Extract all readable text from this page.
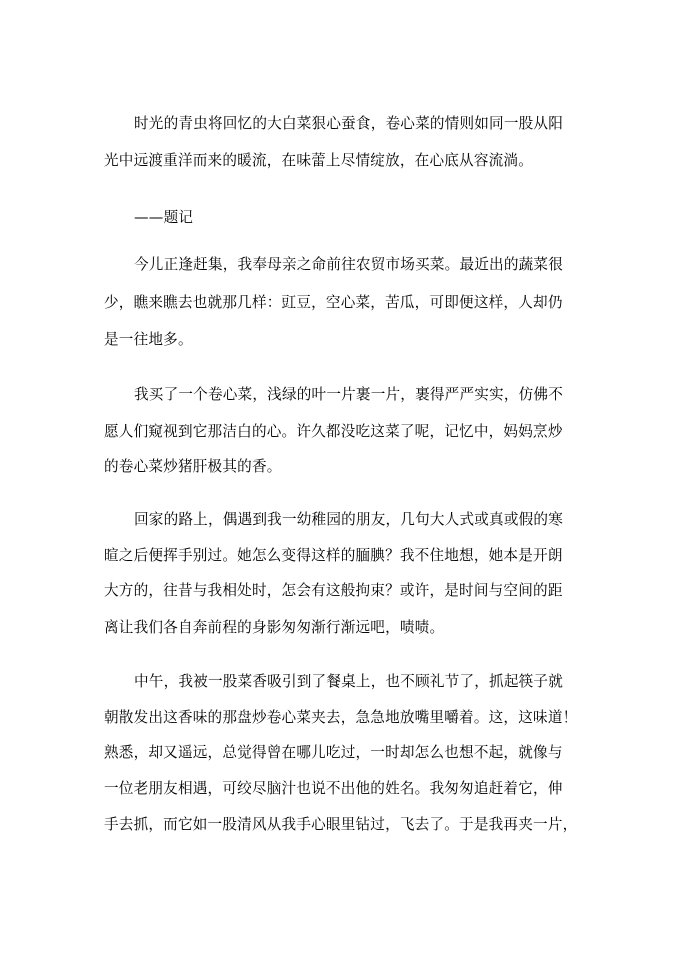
时光的青虫将回忆的大白菜狠心蚕食，卷心菜的情则如同一股从阳
光中远渡重洋而来的暖流，在味蕾上尽情绽放，在心底从容流淌。
——题记
今儿正逢赶集，我奉母亲之命前往农贸市场买菜。最近出的蔬菜很
少，瞧来瞧去也就那几样：豇豆，空心菜，苦瓜，可即便这样，人却仍
是一往地多。
我买了一个卷心菜，浅绿的叶一片裹一片，裹得严严实实，仿佛不
愿人们窥视到它那洁白的心。许久都没吃这菜了呢，记忆中，妈妈烹炒
的卷心菜炒猪肝极其的香。
回家的路上，偶遇到我一幼稚园的朋友，几句大人式或真或假的寒
暄之后便挥手别过。她怎么变得这样的腼腆？我不住地想，她本是开朗
大方的，往昔与我相处时，怎会有这般拘束？或许，是时间与空间的距
离让我们各自奔前程的身影匆匆渐行渐远吧，啧啧。
中午，我被一股菜香吸引到了餐桌上，也不顾礼节了，抓起筷子就
朝散发出这香味的那盘炒卷心菜夹去，急急地放嘴里嚼着。这，这味道！
熟悉，却又遥远，总觉得曾在哪儿吃过，一时却怎么也想不起，就像与
一位老朋友相遇，可绞尽脑汁也说不出他的姓名。我匆匆追赶着它，伸
手去抓，而它如一股清风从我手心眼里钻过，飞去了。于是我再夹一片，
